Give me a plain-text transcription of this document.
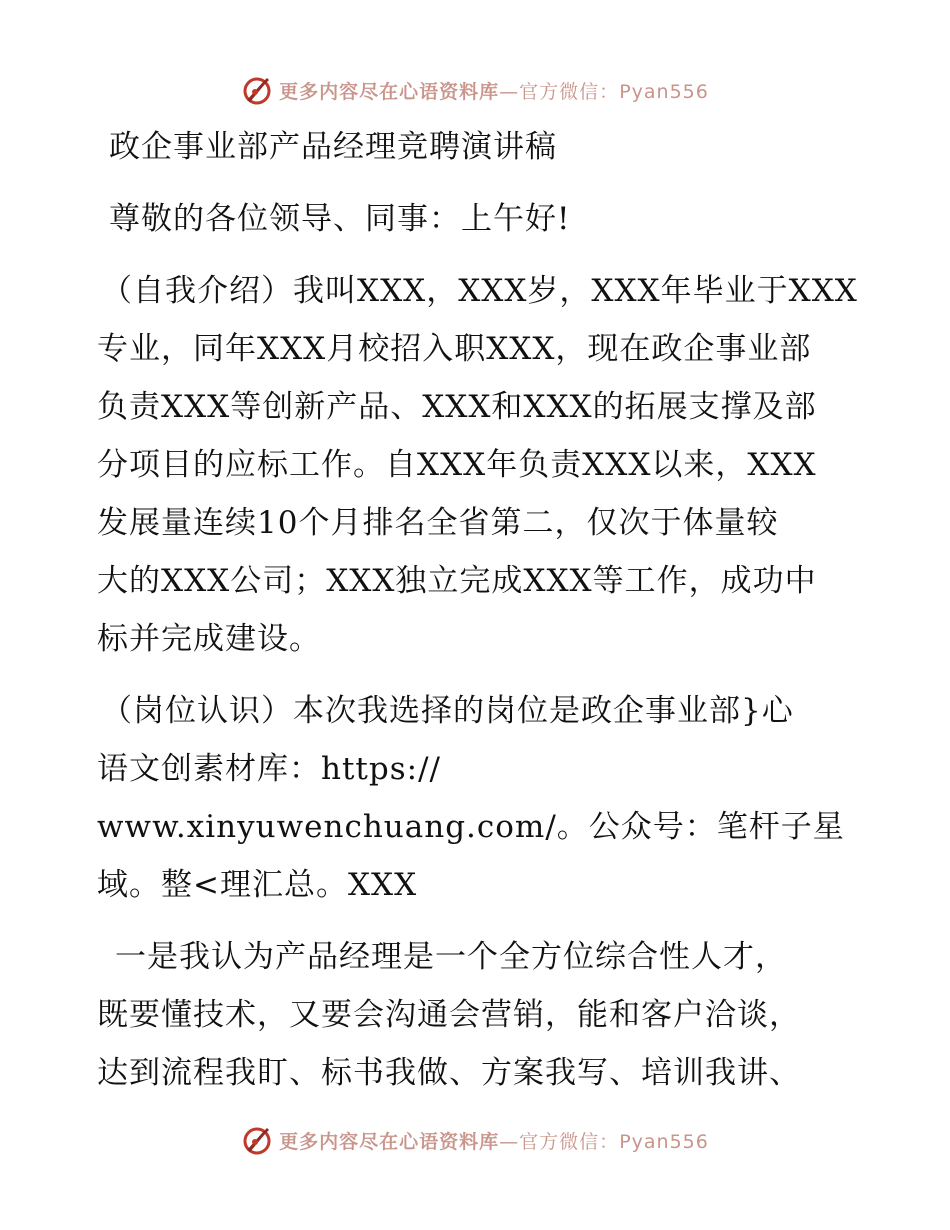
更多内容尽在心语资料库—官方微信：Pyan556
政企事业部产品经理竞聘演讲稿
尊敬的各位领导、同事：上午好!
（自我介绍）我叫XXX，XXX岁，XXX年毕业于XXX
专业，同年XXX月校招入职XXX，现在政企事业部
负责XXX等创新产品、XXX和XXX的拓展支撑及部
分项目的应标工作。自XXX年负责XXX以来，XXX
发展量连续10个月排名全省第二，仅次于体量较
大的XXX公司；XXX独立完成XXX等工作，成功中
标并完成建设。
（岗位认识）本次我选择的岗位是政企事业部}心
语文创素材库：https://
www.xinyuwenchuang.com/。公众号：笔杆子星
域。整<理汇总。XXX
一是我认为产品经理是一个全方位综合性人才，
既要懂技术，又要会沟通会营销，能和客户洽谈，
达到流程我盯、标书我做、方案我写、培训我讲、
更多内容尽在心语资料库—官方微信：Pyan556
